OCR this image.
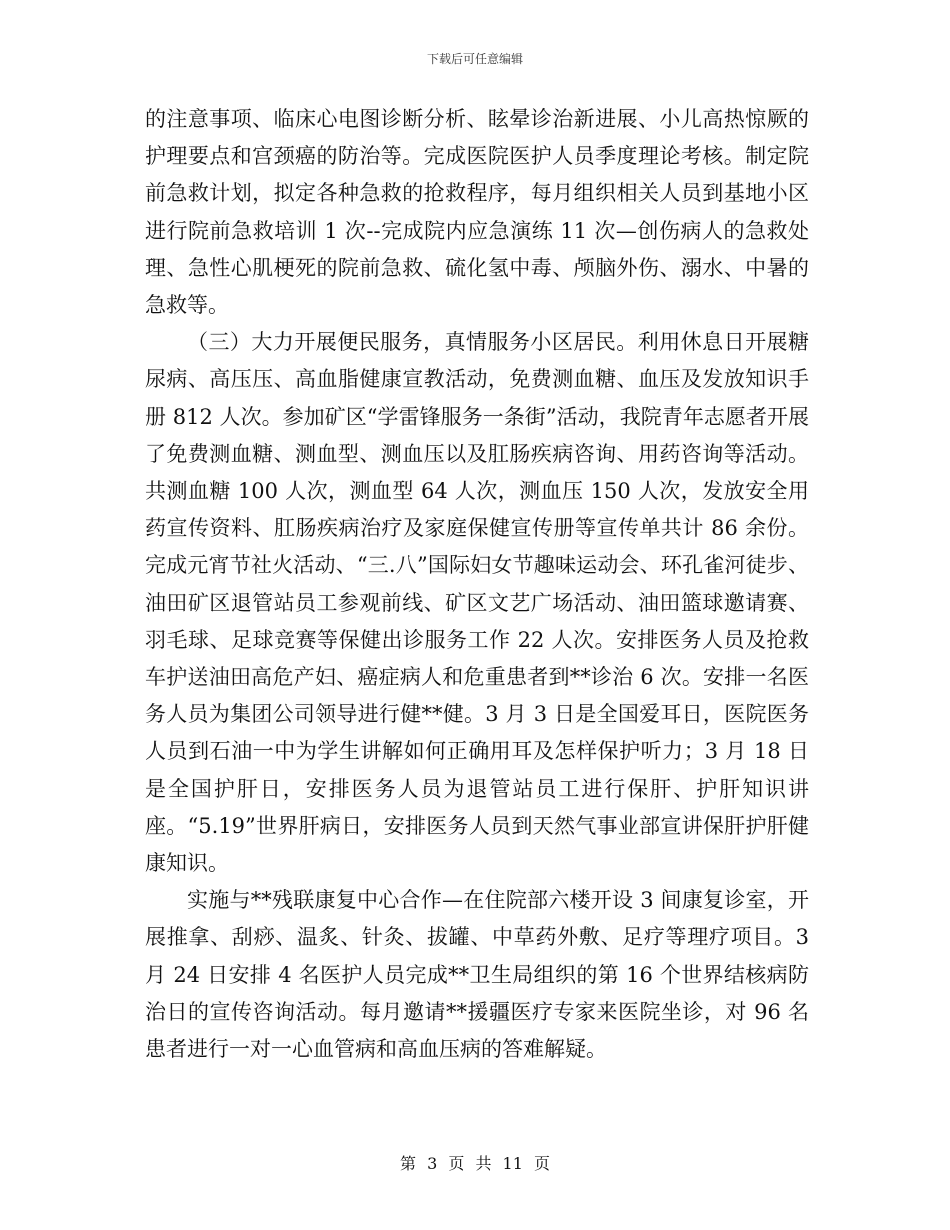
下载后可任意编辑

的注意事项、临床心电图诊断分析、眩晕诊治新进展、小儿高热惊厥的护理要点和宫颈癌的防治等。完成医院医护人员季度理论考核。制定院前急救计划，拟定各种急救的抢救程序，每月组织相关人员到基地小区进行院前急救培训 1 次--完成院内应急演练 11 次—创伤病人的急救处理、急性心肌梗死的院前急救、硫化氢中毒、颅脑外伤、溺水、中暑的急救等。

（三）大力开展便民服务，真情服务小区居民。利用休息日开展糖尿病、高压压、高血脂健康宣教活动，免费测血糖、血压及发放知识手册 812 人次。参加矿区“学雷锋服务一条街”活动，我院青年志愿者开展了免费测血糖、测血型、测血压以及肛肠疾病咨询、用药咨询等活动。共测血糖 100 人次，测血型 64 人次，测血压 150 人次，发放安全用药宣传资料、肛肠疾病治疗及家庭保健宣传册等宣传单共计 86 余份。完成元宵节社火活动、“三.八”国际妇女节趣味运动会、环孔雀河徒步、油田矿区退管站员工参观前线、矿区文艺广场活动、油田篮球邀请赛、羽毛球、足球竞赛等保健出诊服务工作 22 人次。安排医务人员及抢救车护送油田高危产妇、癌症病人和危重患者到**诊治 6 次。安排一名医务人员为集团公司领导进行健**健。3 月 3 日是全国爱耳日，医院医务人员到石油一中为学生讲解如何正确用耳及怎样保护听力；3 月 18 日是全国护肝日，安排医务人员为退管站员工进行保肝、护肝知识讲座。“5.19”世界肝病日，安排医务人员到天然气事业部宣讲保肝护肝健康知识。

实施与**残联康复中心合作—在住院部六楼开设 3 间康复诊室，开展推拿、刮痧、温炙、针灸、拔罐、中草药外敷、足疗等理疗项目。3 月 24 日安排 4 名医护人员完成**卫生局组织的第 16 个世界结核病防治日的宣传咨询活动。每月邀请**援疆医疗专家来医院坐诊，对 96 名患者进行一对一心血管病和高血压病的答难解疑。

第 3 页 共 11 页
